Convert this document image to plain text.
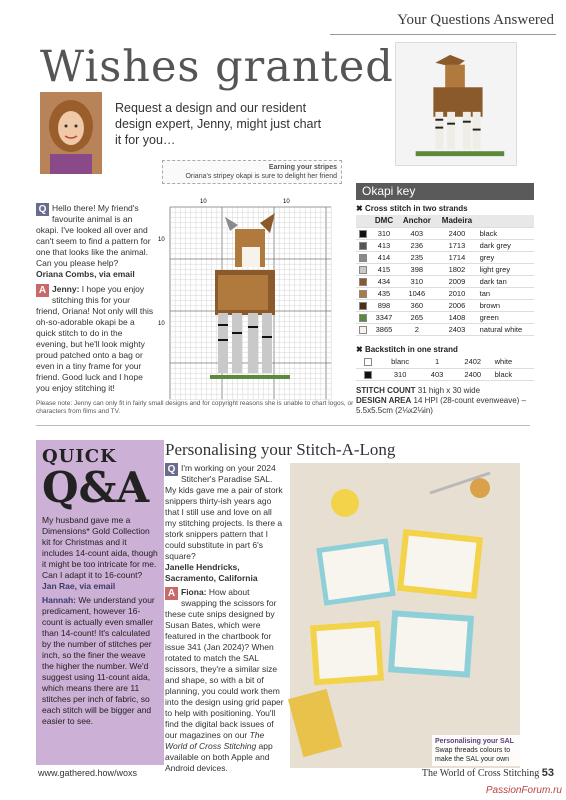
Your Questions Answered
Wishes granted
Request a design and our resident design expert, Jenny, might just chart it for you…
Earning your stripes
Oriana's stripey okapi is sure to delight her friend
Q Hello there! My friend's favourite animal is an okapi. I've looked all over and can't seem to find a pattern for one that looks like the animal. Can you please help?
Oriana Combs, via email
A Jenny: I hope you enjoy stitching this for your friend, Oriana! Not only will this oh-so-adorable okapi be a quick stitch to do in the evening, but he'll look mighty proud patched onto a bag or even in a tiny frame for your friend. Good luck and I hope you enjoy stitching it!
10	10
10
10
Okapi key
✖ Cross stitch in two strands
	DMC	Anchor	Madeira	
	310	403	2400	black
	413	236	1713	dark grey
	414	235	1714	grey
	415	398	1802	light grey
	434	310	2009	dark tan
	435	1046	2010	tan
	898	360	2006	brown
	3347	265	1408	green
	3865	2	2403	natural white
✖ Backstitch in one strand
	blanc	1	2402	white
	310	403	2400	black
STITCH COUNT 31 high x 30 wide
DESIGN AREA 14 HPI (28-count evenweave) – 5.5x5.5cm (2⅛x2⅛in)
Please note: Jenny can only fit in fairly small designs and for copyright reasons she is unable to chart logos, or characters from films and TV.
QUICK
Q&A
My husband gave me a Dimensions* Gold Collection kit for Christmas and it includes 14-count aida, though it might be too intricate for me. Can I adapt it to 16-count?
Jan Rae, via email
Hannah: We understand your predicament, however 16-count is actually even smaller than 14-count! It's calculated by the number of stitches per inch, so the finer the weave the higher the number. We'd suggest using 11-count aida, which means there are 11 stitches per inch of fabric, so each stitch will be bigger and easier to see.
Personalising your Stitch-A-Long
Q I'm working on your 2024 Stitcher's Paradise SAL. My kids gave me a pair of stork snippers thirty-ish years ago that I still use and love on all my stitching projects. Is there a stork snippers pattern that I could substitute in part 6's square?
Janelle Hendricks, Sacramento, California
A Fiona: How about swapping the scissors for these cute snips designed by Susan Bates, which were featured in the chartbook for issue 341 (Jan 2024)? When rotated to match the SAL scissors, they're a similar size and shape, so with a bit of planning, you could work them into the design using grid paper to help with positioning. You'll find the digital back issues of our magazines on our The World of Cross Stitching app available on both Apple and Android devices.
Personalising your SAL
Swap threads colours to make the SAL your own
www.gathered.how/woxs	The World of Cross Stitching 53
PassionForum.ru
